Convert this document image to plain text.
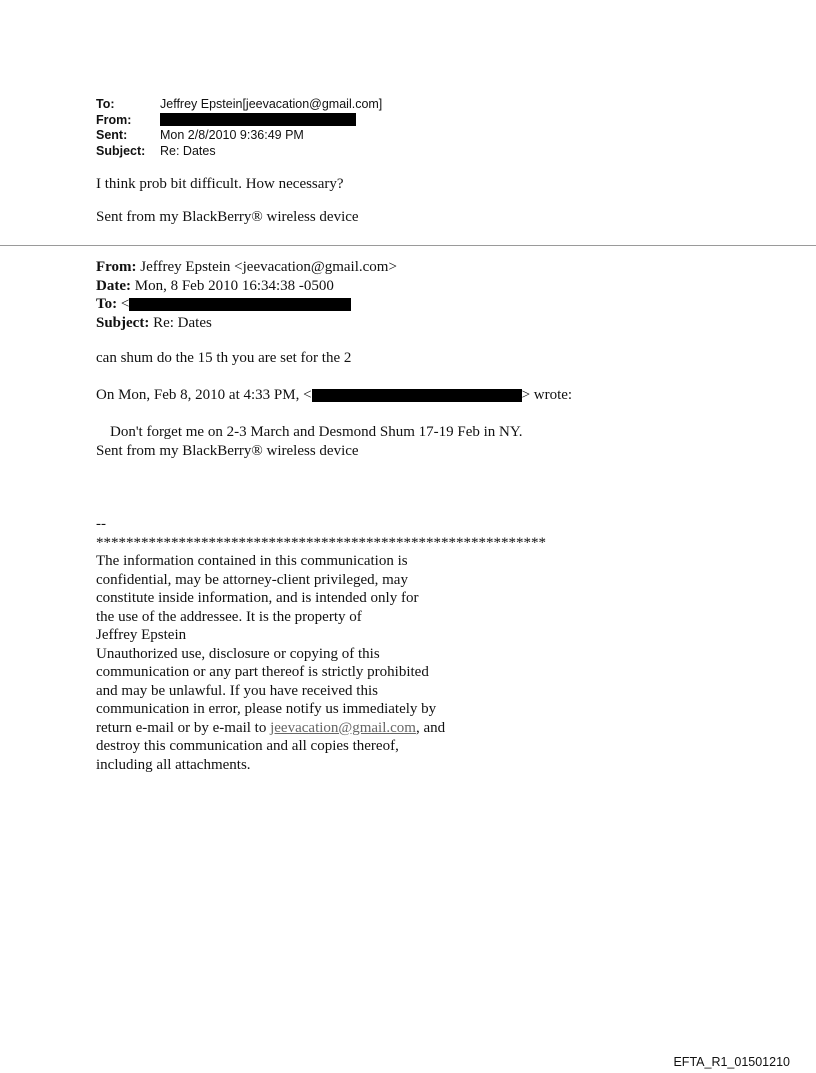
To:	Jeffrey Epstein[jeevacation@gmail.com]
From:
Sent:	Mon 2/8/2010 9:36:49 PM
Subject:	Re: Dates
I think prob bit difficult. How necessary?
Sent from my BlackBerry® wireless device
From: Jeffrey Epstein <jeevacation@gmail.com>
Date: Mon, 8 Feb 2010 16:34:38 -0500
To: <
Subject: Re: Dates
can shum do the 15 th you are set for the 2
On Mon, Feb 8, 2010 at 4:33 PM, <	> wrote:
Don't forget me on 2-3 March and Desmond Shum 17-19 Feb in NY.
Sent from my BlackBerry® wireless device
--
************************************************************
The information contained in this communication is
confidential, may be attorney-client privileged, may
constitute inside information, and is intended only for
the use of the addressee. It is the property of
Jeffrey Epstein
Unauthorized use, disclosure or copying of this
communication or any part thereof is strictly prohibited
and may be unlawful. If you have received this
communication in error, please notify us immediately by
return e-mail or by e-mail to jeevacation@gmail.com, and
destroy this communication and all copies thereof,
including all attachments.
EFTA_R1_01501210
